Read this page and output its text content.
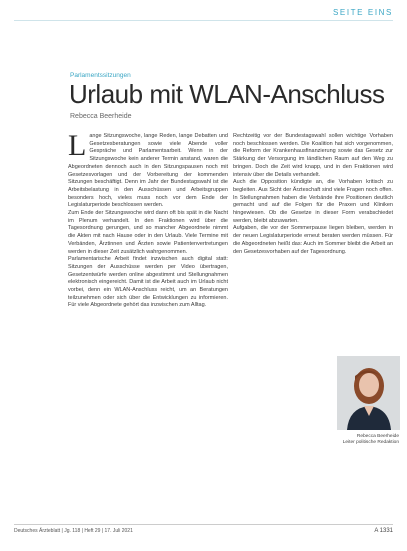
SEITE EINS
Parlamentssitzungen
Urlaub mit WLAN-Anschluss
Rebecca Beerheide

Lange Sitzungswoche, lange Reden, lange Debatten und Gesetzesberatungen sowie viele Abende voller Gespräche und Parlamentsarbeit. Wenn in der Sitzungswoche kein anderer Termin anstand, waren die Abgeordneten dennoch auch in den Sitzungspausen noch mit Gesetzesvorlagen und der Vorbereitung der kommenden Sitzungen beschäftigt. Denn im Jahr der Bundestagswahl ist die Arbeitsbelastung in den Ausschüssen und Arbeitsgruppen besonders hoch, vieles muss noch vor dem Ende der Legislaturperiode beschlossen werden.

Zum Ende der Sitzungswoche wird dann oft bis spät in die Nacht im Plenum verhandelt. In den Fraktionen wird über die Tagesordnung gerungen, und so mancher Abgeordnete nimmt die Akten mit nach Hause oder in den Urlaub. Viele Termine mit Verbänden, Ärztinnen und Ärzten sowie Patientenvertretungen werden in dieser Zeit zusätzlich wahrgenommen.

Parlamentarische Arbeit findet inzwischen auch digital statt: Sitzungen der Ausschüsse werden per Video übertragen, Gesetzentwürfe werden online abgestimmt und Stellungnahmen elektronisch eingereicht. Damit ist die Arbeit auch im Urlaub nicht vorbei, denn ein WLAN-Anschluss reicht, um an Beratungen teilzunehmen oder sich über die Entwicklungen zu informieren. Für viele Abgeordnete gehört das inzwischen zum Alltag.

Rechtzeitig vor der Bundestagswahl sollen wichtige Vorhaben noch beschlossen werden. Die Koalition hat sich vorgenommen, die Reform der Krankenhausfinanzierung sowie das Gesetz zur Stärkung der Versorgung im ländlichen Raum auf den Weg zu bringen. Doch die Zeit wird knapp, und in den Fraktionen wird intensiv über die Details verhandelt.

Auch die Opposition kündigte an, die Vorhaben kritisch zu begleiten. Aus Sicht der Ärzteschaft sind viele Fragen noch offen. In Stellungnahmen haben die Verbände ihre Positionen deutlich gemacht und auf die Folgen für die Praxen und Kliniken hingewiesen. Ob die Gesetze in dieser Form verabschiedet werden, bleibt abzuwarten.

Aufgaben, die vor der Sommerpause liegen bleiben, werden in der neuen Legislaturperiode erneut beraten werden müssen. Für die Abgeordneten heißt das: Auch im Sommer bleibt die Arbeit an den Gesetzesvorhaben auf der Tagesordnung.

Rebecca Beerheide
Leiter politische Redaktion
Deutsches Ärzteblatt | Jg. 118 | Heft 29 | 17. Juli 2021	A 1331
